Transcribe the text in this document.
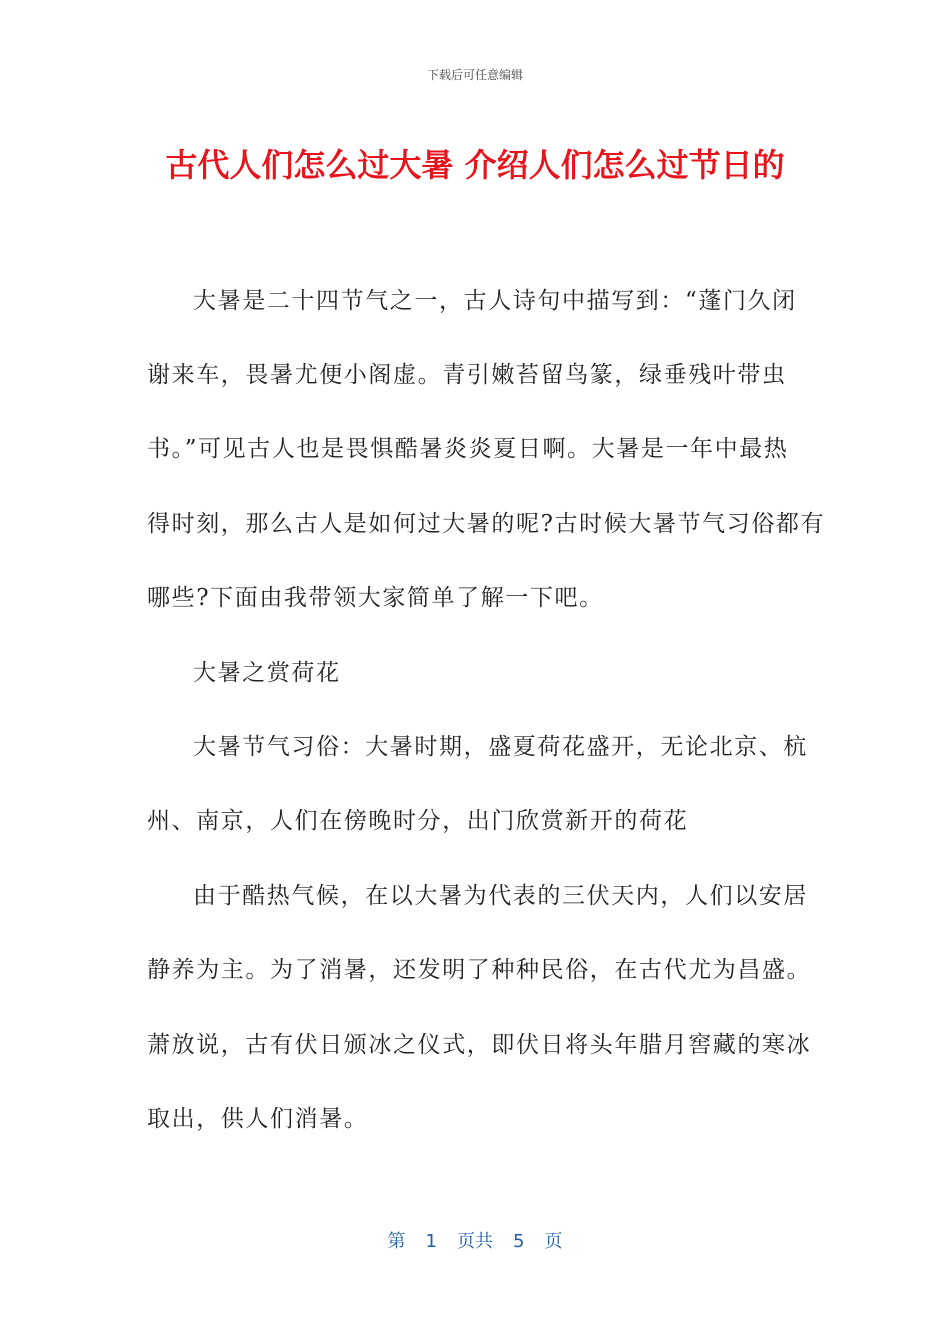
下载后可任意编辑
古代人们怎么过大暑 介绍人们怎么过节日的
大暑是二十四节气之一，古人诗句中描写到：“蓬门久闭
谢来车，畏暑尤便小阁虚。青引嫩苔留鸟篆，绿垂残叶带虫
书。”可见古人也是畏惧酷暑炎炎夏日啊。大暑是一年中最热
得时刻，那么古人是如何过大暑的呢?古时候大暑节气习俗都有
哪些?下面由我带领大家简单了解一下吧。
大暑之赏荷花
大暑节气习俗：大暑时期，盛夏荷花盛开，无论北京、杭
州、南京，人们在傍晚时分，出门欣赏新开的荷花
由于酷热气候，在以大暑为代表的三伏天内，人们以安居
静养为主。为了消暑，还发明了种种民俗，在古代尤为昌盛。
萧放说，古有伏日颁冰之仪式，即伏日将头年腊月窖藏的寒冰
取出，供人们消暑。
第 1 页共 5 页
